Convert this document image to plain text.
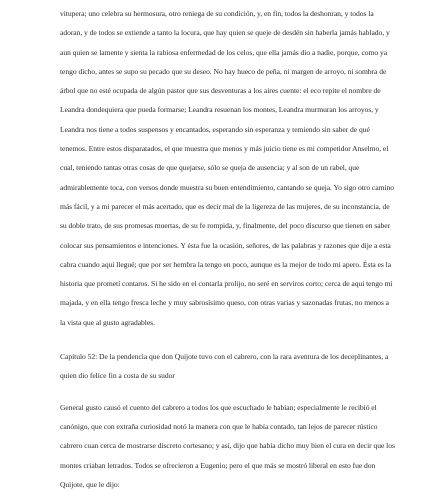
vitupera; uno celebra su hermosura, otro reniega de su condición, y, en fin, todos la deshonran, y todos la adoran, y de todos se extiende a tanto la locura, que hay quien se queje de desdén sin haberla jamás hablado, y aun quien se lamente y sienta la rabiosa enfermedad de los celos, que ella jamás dio a nadie, porque, como ya tengo dicho, antes se supo su pecado que su deseo. No hay hueco de peña, ni margen de arroyo, ni sombra de árbol que no esté ocupada de algún pastor que sus desventuras a los aires cuente: el eco repite el nombre de Leandra dondequiera que pueda formarse; Leandra resuenan los montes, Leandra murmuran los arroyos, y Leandra nos tiene a todos suspensos y encantados, esperando sin esperanza y temiendo sin saber de qué tenemos. Entre estos disparatados, el que muestra que menos y más juicio tiene es mi competidor Anselmo, el cual, teniendo tantas otras cosas de que quejarse, sólo se queja de ausencia; y al son de un rabel, que admirablemente toca, con versos donde muestra su buen entendimiento, cantando se queja. Yo sigo otro camino más fácil, y a mi parecer el más acertado, que es decir mal de la ligereza de las mujeres, de su inconstancia, de su doble trato, de sus promesas muertas, de su fe rompida, y, finalmente, del poco discurso que tienen en saber colocar sus pensamientos e intenciones. Y ésta fue la ocasión, señores, de las palabras y razones que dije a esta cabra cuando aquí llegué; que por ser hembra la tengo en poco, aunque es la mejor de todo mi apero. Ésta es la historia que prometí contaros. Si he sido en el contarla prolijo, no seré en serviros corto; cerca de aquí tengo mi majada, y en ella tengo fresca leche y muy sabrosísimo queso, con otras varias y sazonadas frutas, no menos a la vista que al gusto agradables.

Capítulo 52: De la pendencia que don Quijote tuvo con el cabrero, con la rara aventura de los deceplinantes, a quien dio felice fin a costa de su sudor

General gusto causó el cuento del cabrero a todos los que escuchado le habían; especialmente le recibió el canónigo, que con extraña curiosidad notó la manera con que le había contado, tan lejos de parecer rústico cabrero cuan cerca de mostrarse discreto cortesano; y así, dijo que había dicho muy bien el cura en decir que los montes criaban letrados. Todos se ofrecieron a Eugenio; pero el que más se mostró liberal en esto fue don Quijote, que le dijo:
